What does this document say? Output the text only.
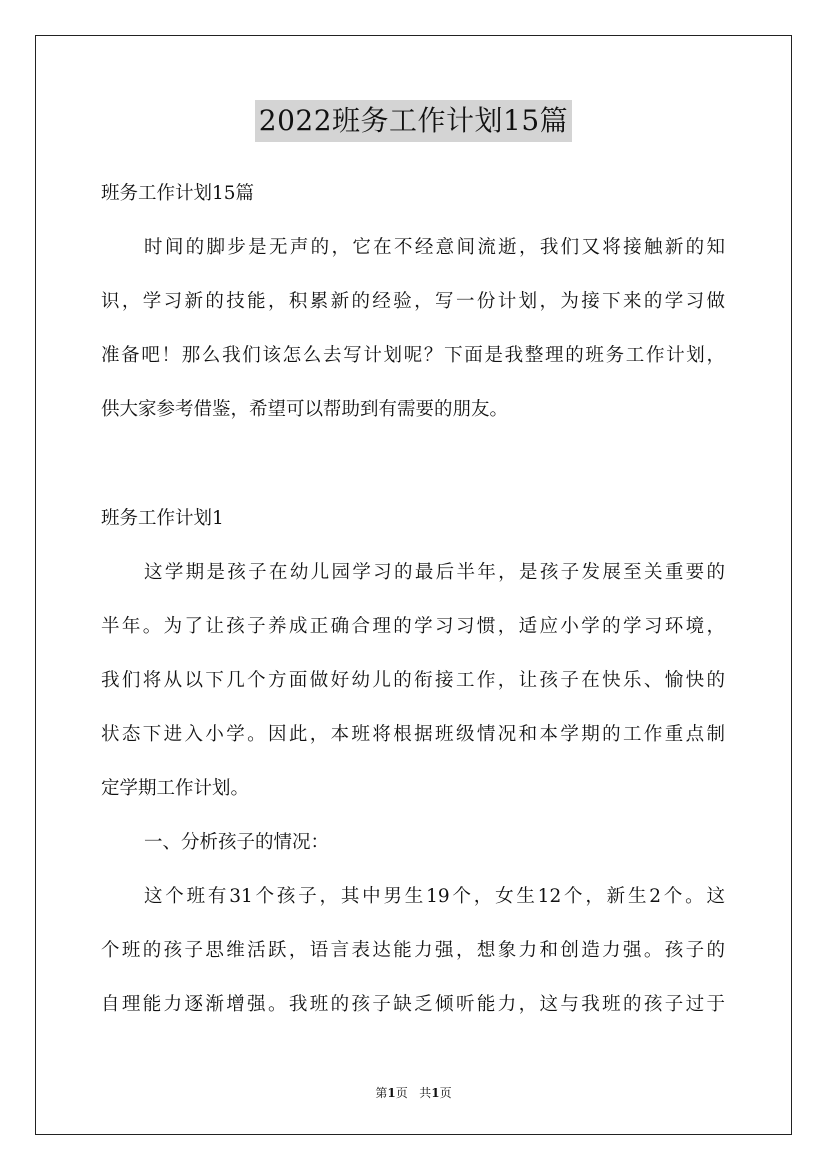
2022班务工作计划15篇
班务工作计划15篇
时间的脚步是无声的，它在不经意间流逝，我们又将接触新的知
识，学习新的技能，积累新的经验，写一份计划，为接下来的学习做
准备吧！那么我们该怎么去写计划呢？下面是我整理的班务工作计划，
供大家参考借鉴，希望可以帮助到有需要的朋友。
班务工作计划1
这学期是孩子在幼儿园学习的最后半年，是孩子发展至关重要的
半年。为了让孩子养成正确合理的学习习惯，适应小学的学习环境，
我们将从以下几个方面做好幼儿的衔接工作，让孩子在快乐、愉快的
状态下进入小学。因此，本班将根据班级情况和本学期的工作重点制
定学期工作计划。
一、分析孩子的情况：
这个班有31个孩子，其中男生19个，女生12个，新生2个。这
个班的孩子思维活跃，语言表达能力强，想象力和创造力强。孩子的
自理能力逐渐增强。我班的孩子缺乏倾听能力，这与我班的孩子过于
第1页 共1页
